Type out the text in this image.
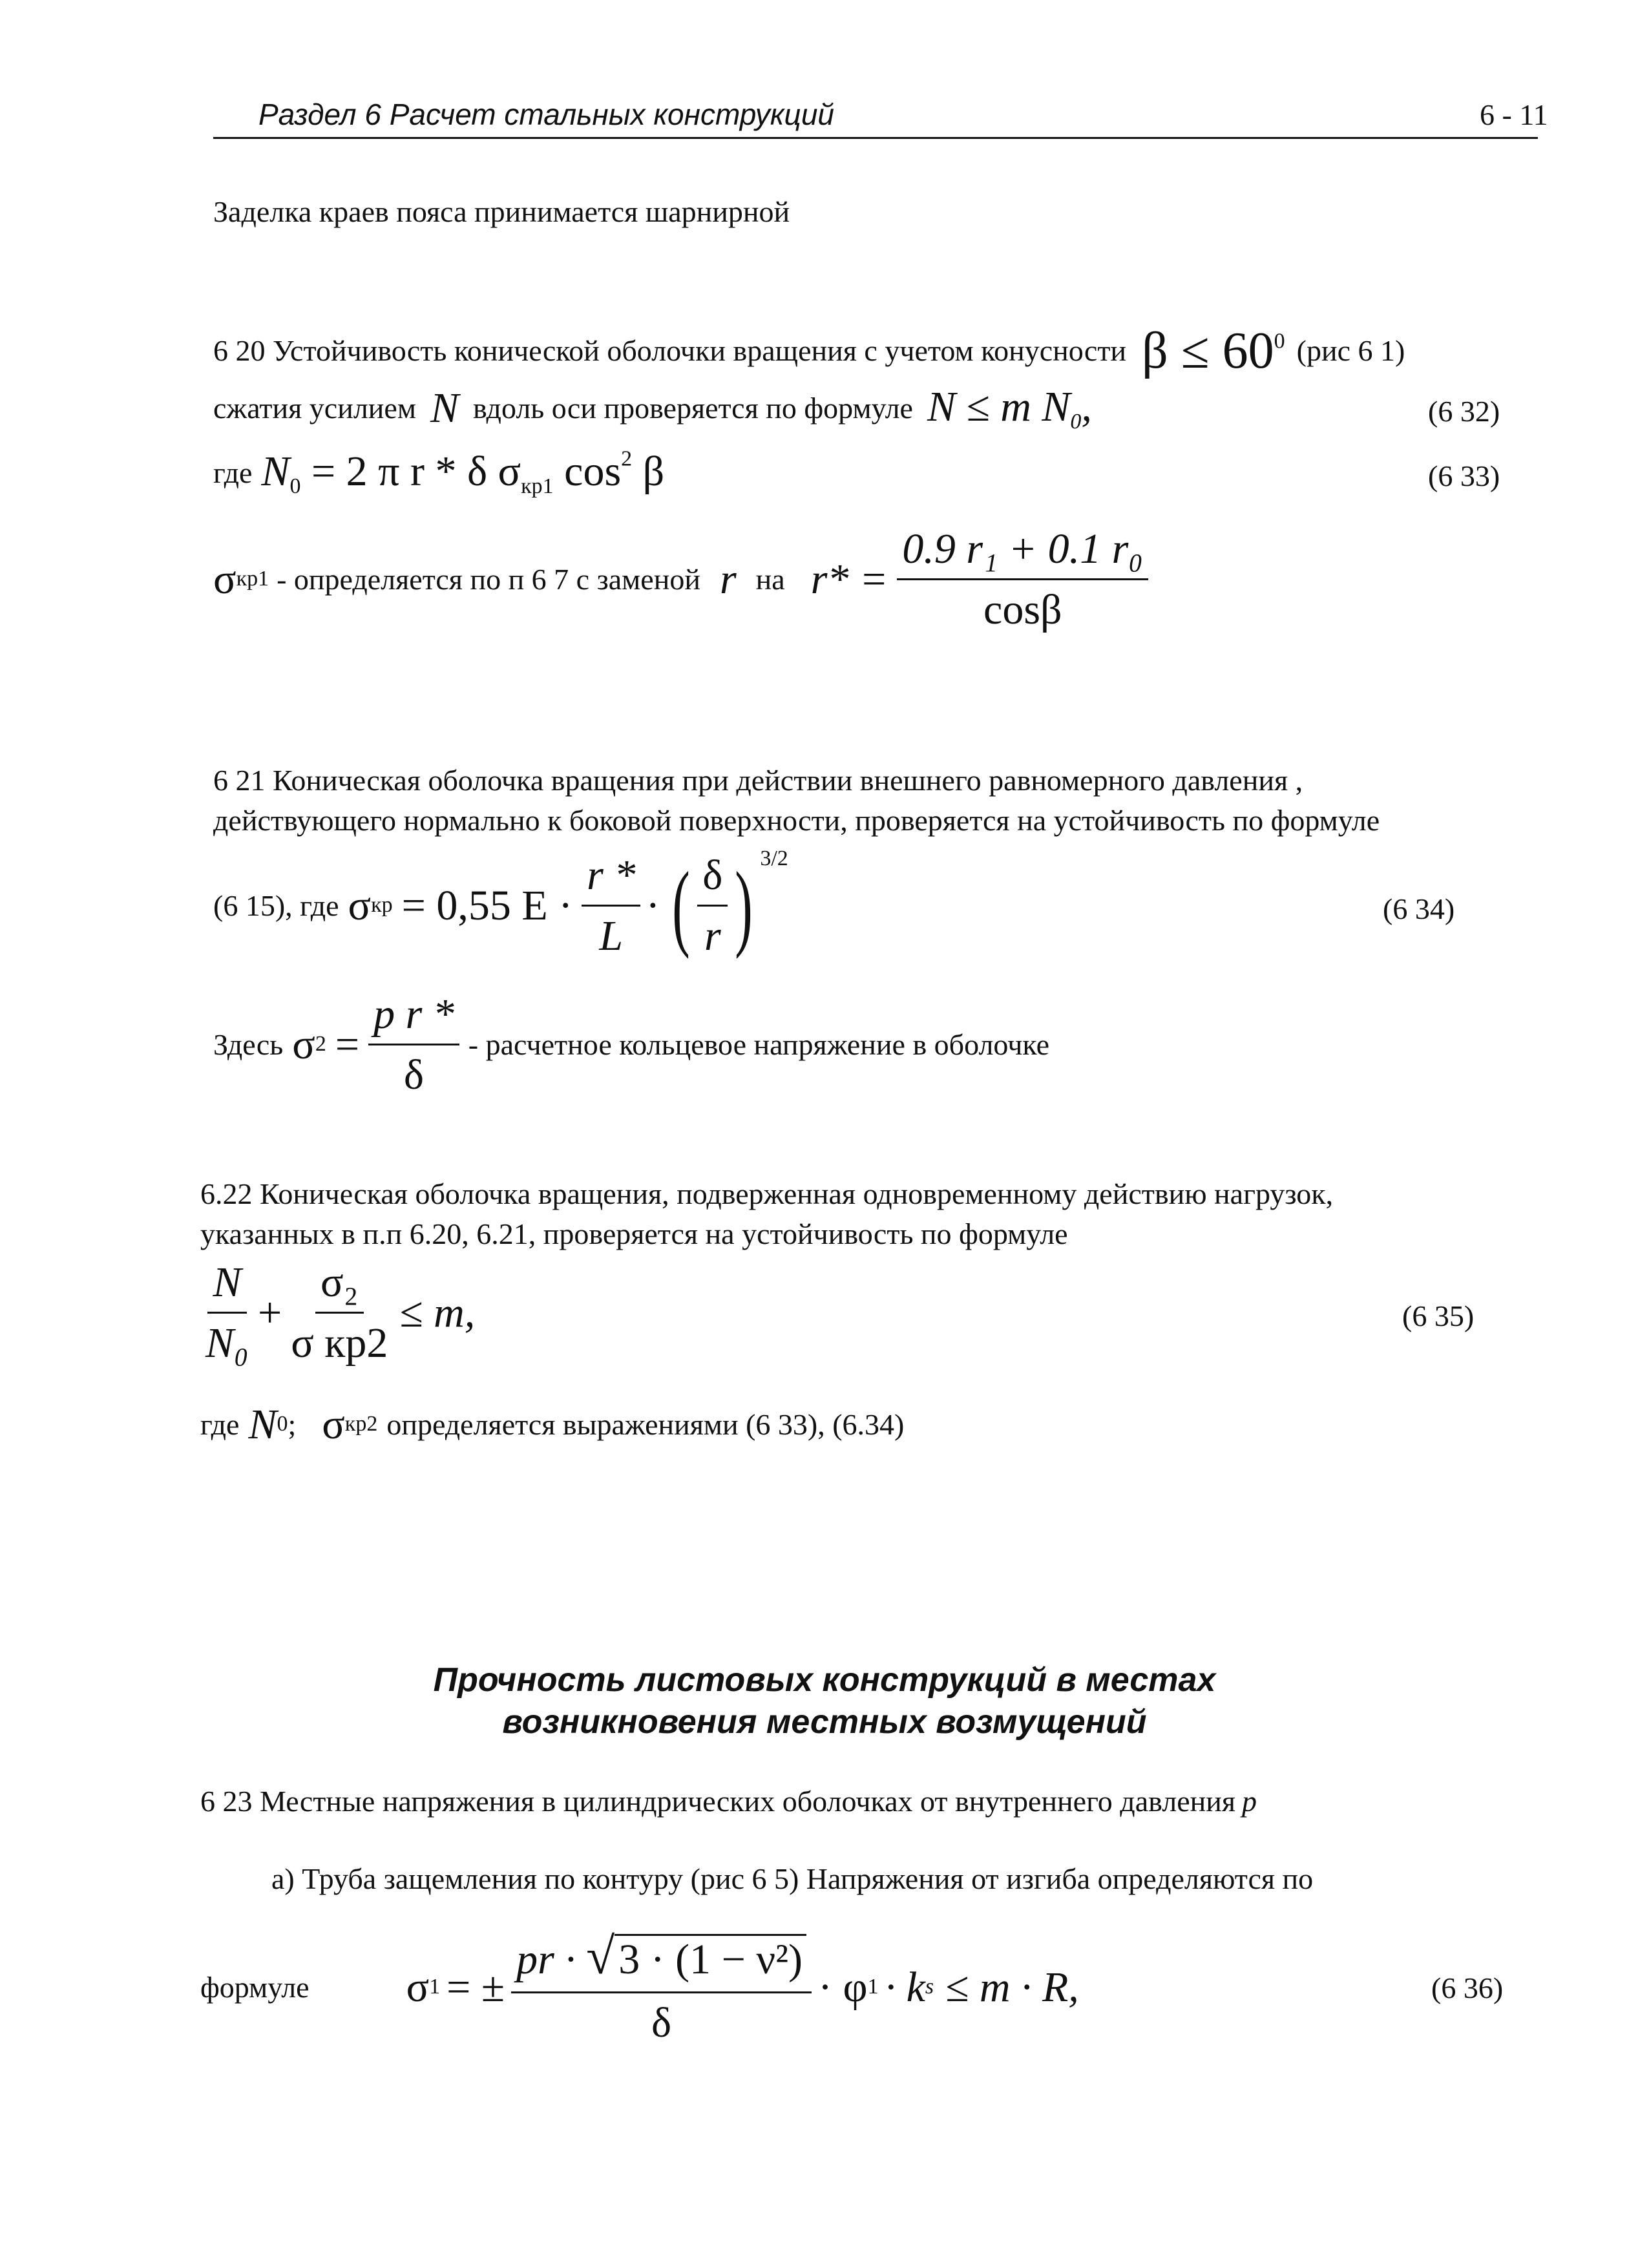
Раздел 6 Расчет стальных конструкций	6 - 11
Заделка краев пояса принимается шарнирной
6 20 Устойчивость конической оболочки вращения с учетом конусности $\beta \le 60^0$ (рис 6 1)
сжатия усилием N вдоль оси проверяется по формуле N ≤ m $N_0$,	(6 32)
где $N_0 = 2$ π r * δ $\sigma_{кр1}$ $\cos^2 \beta$	(6 33)
σ кр1 - определяется по п 6 7 с заменой r на $r* = \frac{\text{0.9 r₁ + 0.1 r₀}}{\cos\beta}$
6 21 Коническая оболочка вращения при действии внешнего равномерного давления ,
действующего нормально к боковой поверхности, проверяется на устойчивость по формуле
(6 15), где σ кр = 0,55 $E \cdot \frac{r *}{L}$ · ( $\frac{\delta}{r}$ ) 3/2
(6 34)
Здесь σ $2 = \frac{\text{p r *}}{\delta}$ - расчетное кольцевое напряжение в оболочке
6.22 Коническая оболочка вращения, подверженная одновременному действию нагрузок,
указанных в п.п 6.20, 6.21, проверяется на устойчивость по формуле
$\frac{N}{\text{N₀}} + \frac{\text{σ₂}}{\text{σ кр2}} \le m$,	(6 35)
где N 0 ; σ кр2 определяется выражениями (6 33), (6.34)
Прочность листовых конструкций в местах
возникновения местных возмущений
6 23 Местные напряжения в цилиндрических оболочках от внутреннего давления p
а) Труба защемления по контуру (рис 6 5) Напряжения от изгиба определяются по
формуле σ 1 = ± $\frac{\text{pr · √3 · (1 − ν²)}}{\delta} \cdot \varphi$ 1 · k s ≤ m · R,	(6 36)
